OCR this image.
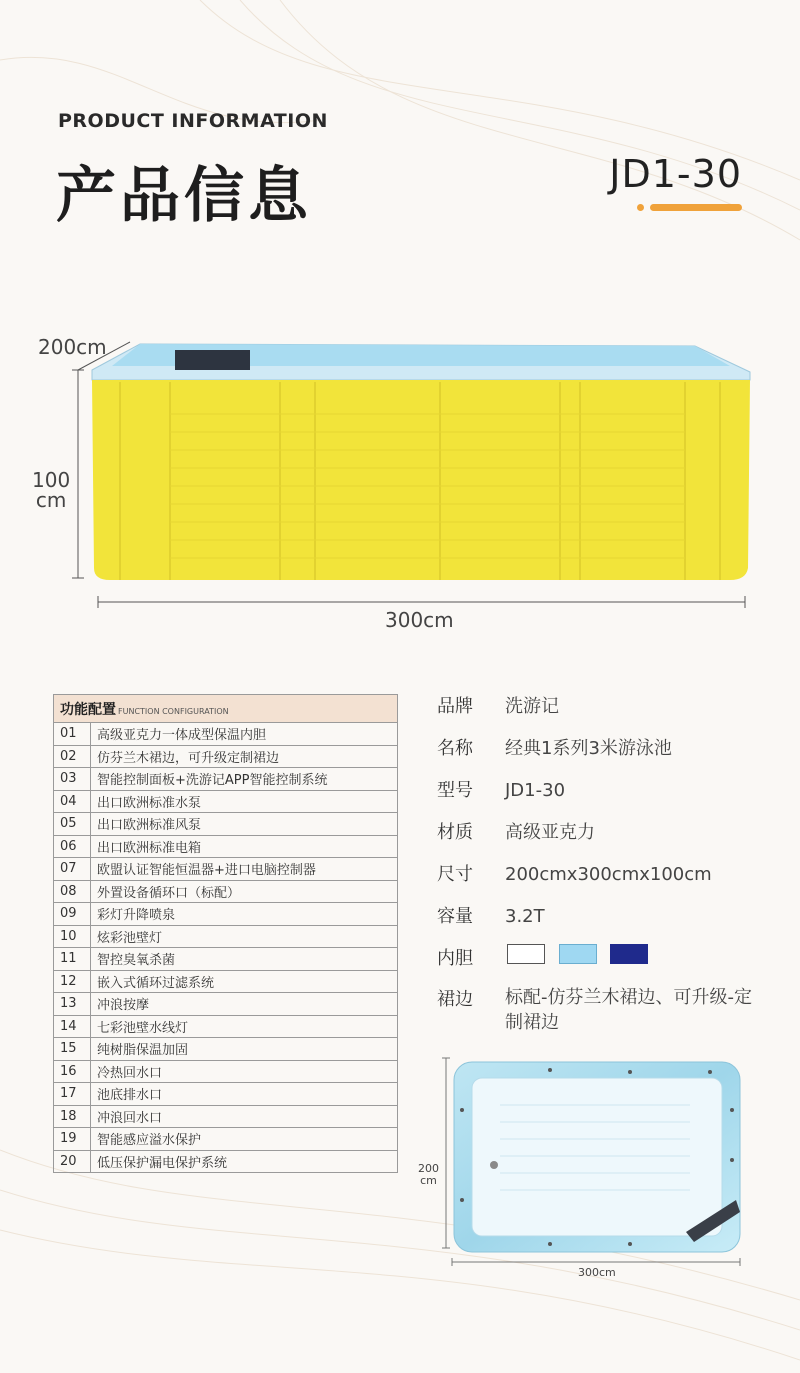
PRODUCT INFORMATION
产品信息	JD1-30
200cm
100
cm
300cm
功能配置 FUNCTION CONFIGURATION	
01	高级亚克力一体成型保温内胆
02	仿芬兰木裙边，可升级定制裙边
03	智能控制面板+洗游记APP智能控制系统
04	出口欧洲标准水泵
05	出口欧洲标准风泵
06	出口欧洲标准电箱
07	欧盟认证智能恒温器+进口电脑控制器
08	外置设备循环口（标配）
09	彩灯升降喷泉
10	炫彩池壁灯
11	智控臭氧杀菌
12	嵌入式循环过滤系统
13	冲浪按摩
14	七彩池壁水线灯
15	纯树脂保温加固
16	冷热回水口
17	池底排水口
18	冲浪回水口
19	智能感应溢水保护
20	低压保护漏电保护系统
品牌 洗游记
名称 经典1系列3米游泳池
型号 JD1-30
材质 高级亚克力
尺寸 200cmx300cmx100cm
容量 3.2T
内胆
裙边	标配-仿芬兰木裙边、可升级-定制裙边
200
cm
300cm
